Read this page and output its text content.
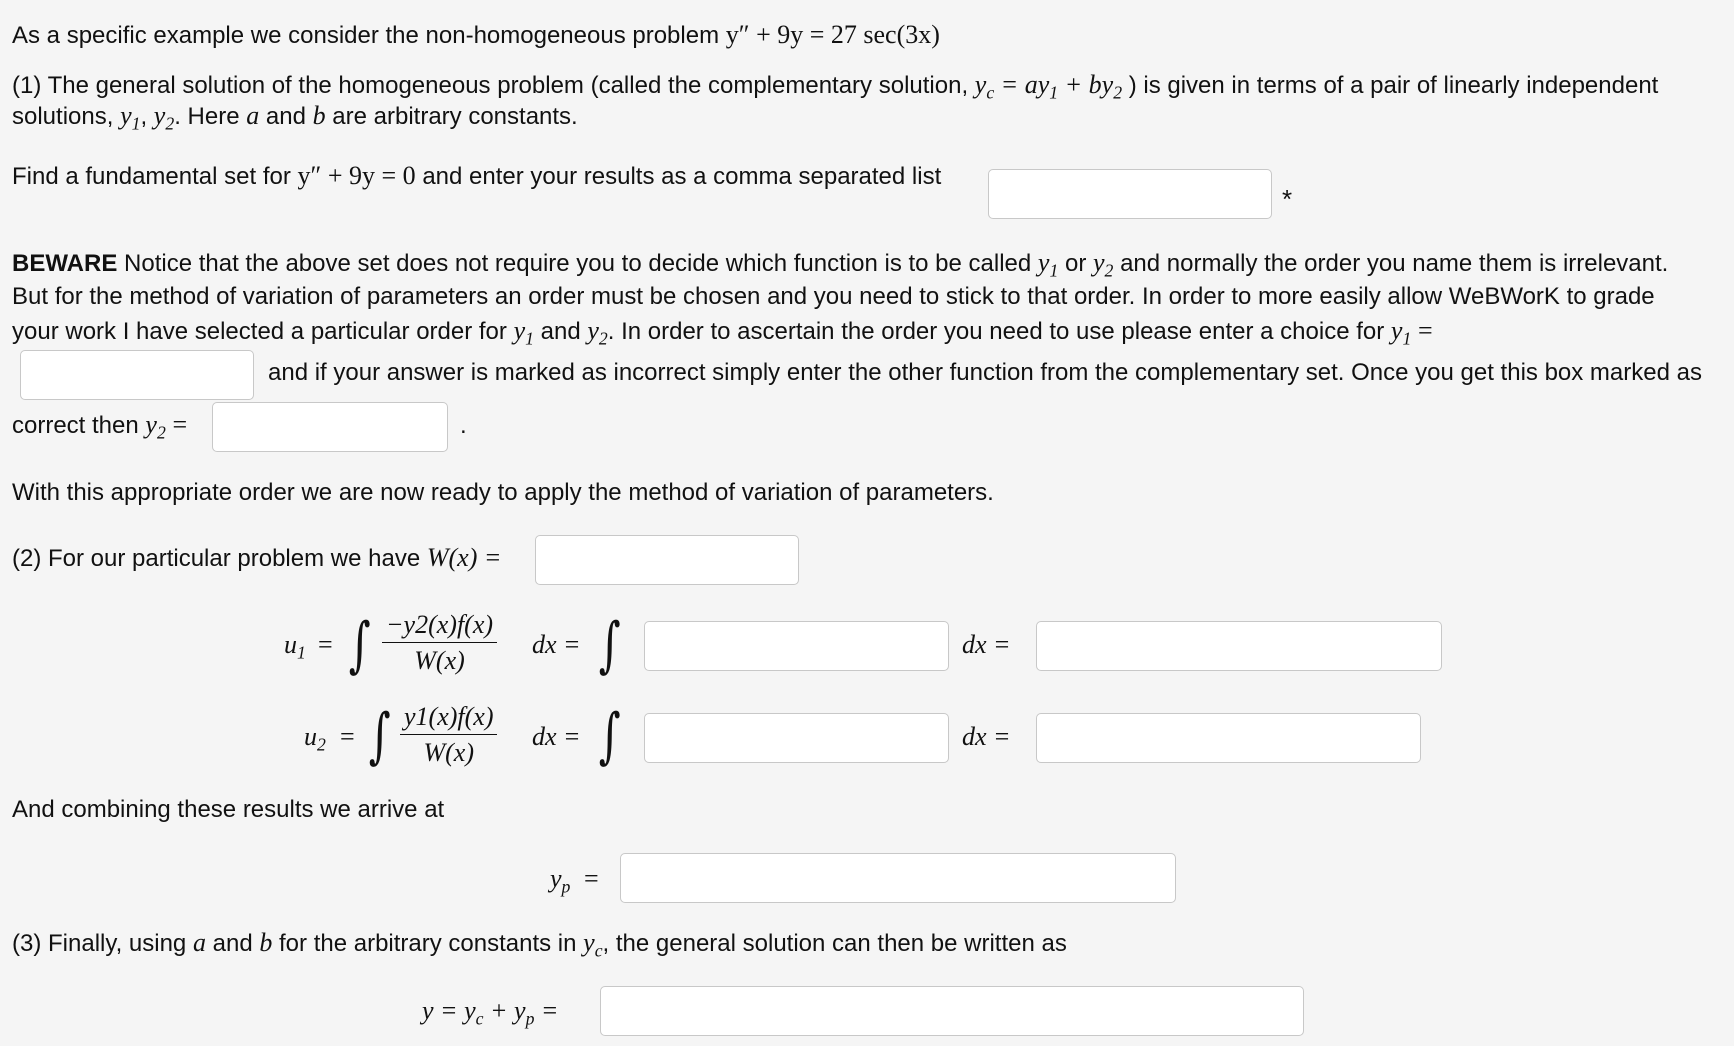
As a specific example we consider the non-homogeneous problem y″ + 9y = 27 sec(3x)
(1) The general solution of the homogeneous problem (called the complementary solution, $y_c = ay_1 + by_2$ ) is given in terms of a pair of linearly independent
solutions, $y_1$, $y_2$. Here a and b are arbitrary constants.
Find a fundamental set for y″ + 9y = 0 and enter your results as a comma separated list
*
BEWARE Notice that the above set does not require you to decide which function is to be called $y_1$ or $y_2$ and normally the order you name them is irrelevant.
But for the method of variation of parameters an order must be chosen and you need to stick to that order. In order to more easily allow WeBWorK to grade
your work I have selected a particular order for $y_1$ and $y_2$. In order to ascertain the order you need to use please enter a choice for $y_1$ =
and if your answer is marked as incorrect simply enter the other function from the complementary set. Once you get this box marked as
correct then $y_2$ =	.
With this appropriate order we are now ready to apply the method of variation of parameters.
(2) For our particular problem we have W(x) =
$u_1$ = ∫ $\frac{-y2(x)f(x)}{W(x)}$ dx = ∫	dx =
$u_2$ = ∫ $\frac{y1(x)f(x)}{W(x)}$ dx = ∫	dx =
And combining these results we arrive at
$y_p$ =
(3) Finally, using a and b for the arbitrary constants in $y_c$, the general solution can then be written as
$y = y_c + y_p$ =
